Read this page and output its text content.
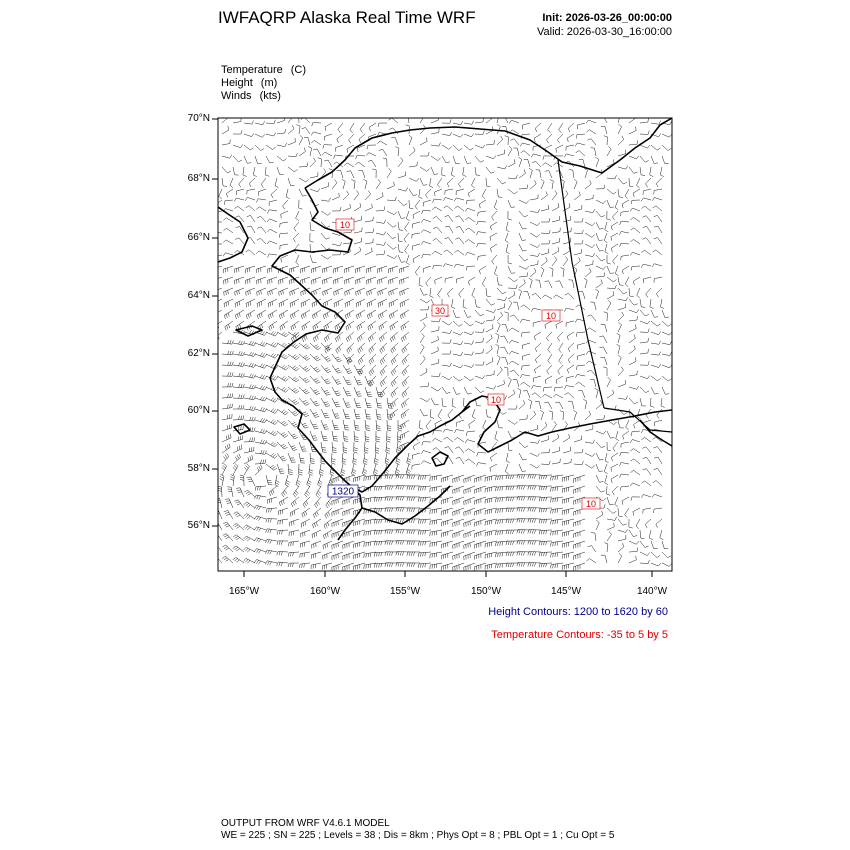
1320
10
30	10
10
10
IWFAQRP Alaska Real Time WRF	Init: 2026-03-26_00:00:00
Valid: 2026-03-30_16:00:00
Temperature (C)
Height (m)
Winds (kts)
70°N
68°N
66°N
64°N
62°N
60°N
58°N
56°N
165°W	160°W	155°W	150°W	145°W	140°W
Height Contours: 1200 to 1620 by 60
Temperature Contours: -35 to 5 by 5
OUTPUT FROM WRF V4.6.1 MODEL
WE = 225 ; SN = 225 ; Levels = 38 ; Dis = 8km ; Phys Opt = 8 ; PBL Opt = 1 ; Cu Opt = 5
